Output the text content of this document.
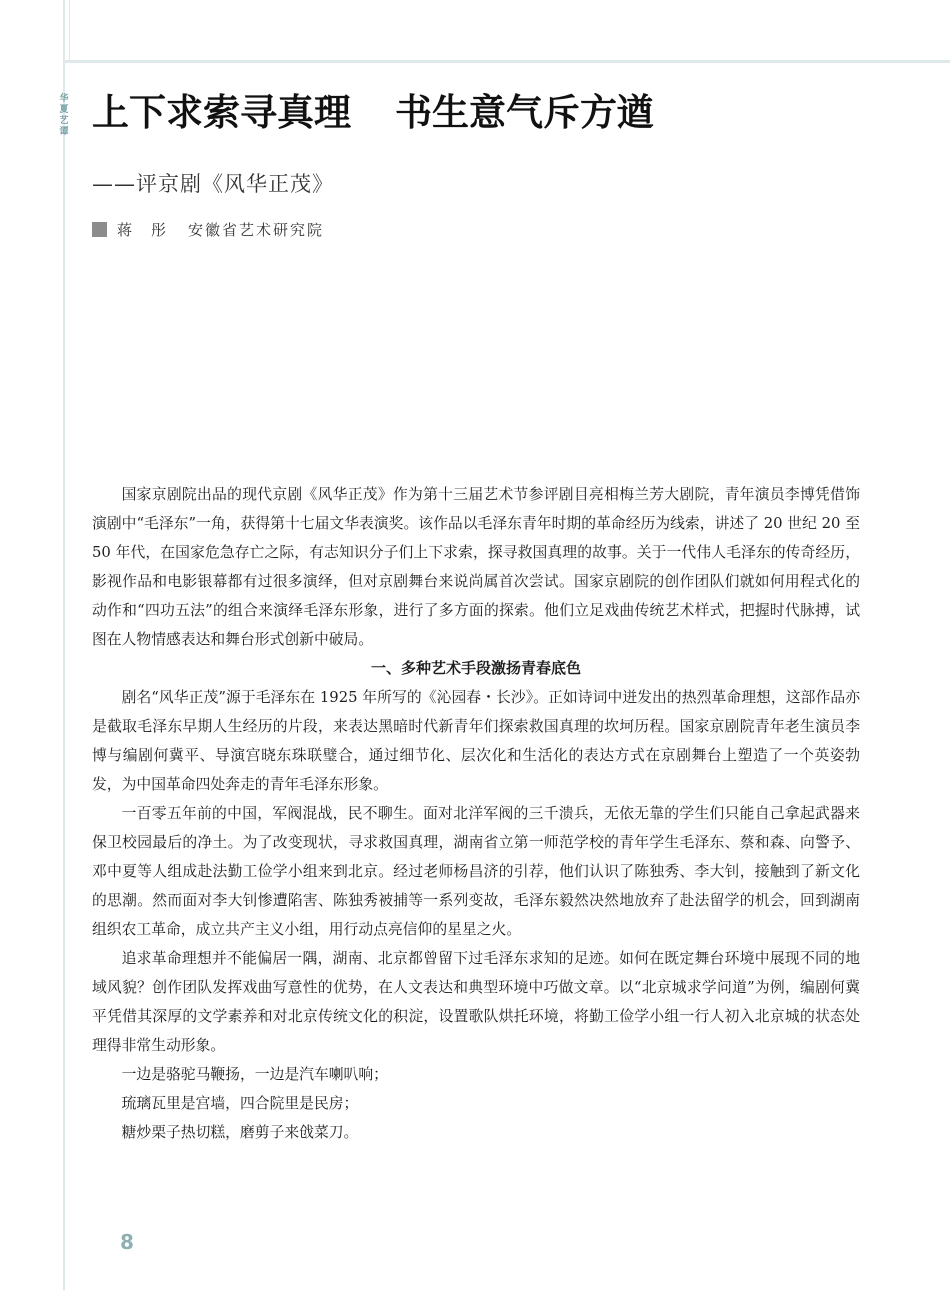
华夏艺谭 上下求索寻真理 书生意气斥方遒
——评京剧《风华正茂》
蒋　彤 安徽省艺术研究院

国家京剧院出品的现代京剧《风华正茂》作为第十三届艺术节参评剧目亮相梅兰芳大剧院，青年演员李博凭借饰演剧中“毛泽东”一角，获得第十七届文华表演奖。该作品以毛泽东青年时期的革命经历为线索，讲述了 20 世纪 20 至 50 年代，在国家危急存亡之际，有志知识分子们上下求索，探寻救国真理的故事。关于一代伟人毛泽东的传奇经历，影视作品和电影银幕都有过很多演绎，但对京剧舞台来说尚属首次尝试。国家京剧院的创作团队们就如何用程式化的动作和“四功五法”的组合来演绎毛泽东形象，进行了多方面的探索。他们立足戏曲传统艺术样式，把握时代脉搏，试图在人物情感表达和舞台形式创新中破局。

一、多种艺术手段激扬青春底色

剧名“风华正茂”源于毛泽东在 1925 年所写的《沁园春・长沙》。正如诗词中迸发出的热烈革命理想，这部作品亦是截取毛泽东早期人生经历的片段，来表达黑暗时代新青年们探索救国真理的坎坷历程。国家京剧院青年老生演员李博与编剧何冀平、导演宫晓东珠联璧合，通过细节化、层次化和生活化的表达方式在京剧舞台上塑造了一个英姿勃发，为中国革命四处奔走的青年毛泽东形象。

一百零五年前的中国，军阀混战，民不聊生。面对北洋军阀的三千溃兵，无依无靠的学生们只能自己拿起武器来保卫校园最后的净土。为了改变现状，寻求救国真理，湖南省立第一师范学校的青年学生毛泽东、蔡和森、向警予、邓中夏等人组成赴法勤工俭学小组来到北京。经过老师杨昌济的引荐，他们认识了陈独秀、李大钊，接触到了新文化的思潮。然而面对李大钊惨遭陷害、陈独秀被捕等一系列变故，毛泽东毅然决然地放弃了赴法留学的机会，回到湖南组织农工革命，成立共产主义小组，用行动点亮信仰的星星之火。

追求革命理想并不能偏居一隅，湖南、北京都曾留下过毛泽东求知的足迹。如何在既定舞台环境中展现不同的地域风貌？创作团队发挥戏曲写意性的优势，在人文表达和典型环境中巧做文章。以“北京城求学问道”为例，编剧何冀平凭借其深厚的文学素养和对北京传统文化的积淀，设置歌队烘托环境，将勤工俭学小组一行人初入北京城的状态处理得非常生动形象。

一边是骆驼马鞭扬，一边是汽车喇叭响；

琉璃瓦里是宫墙，四合院里是民房；

糖炒栗子热切糕，磨剪子来戗菜刀。

8
